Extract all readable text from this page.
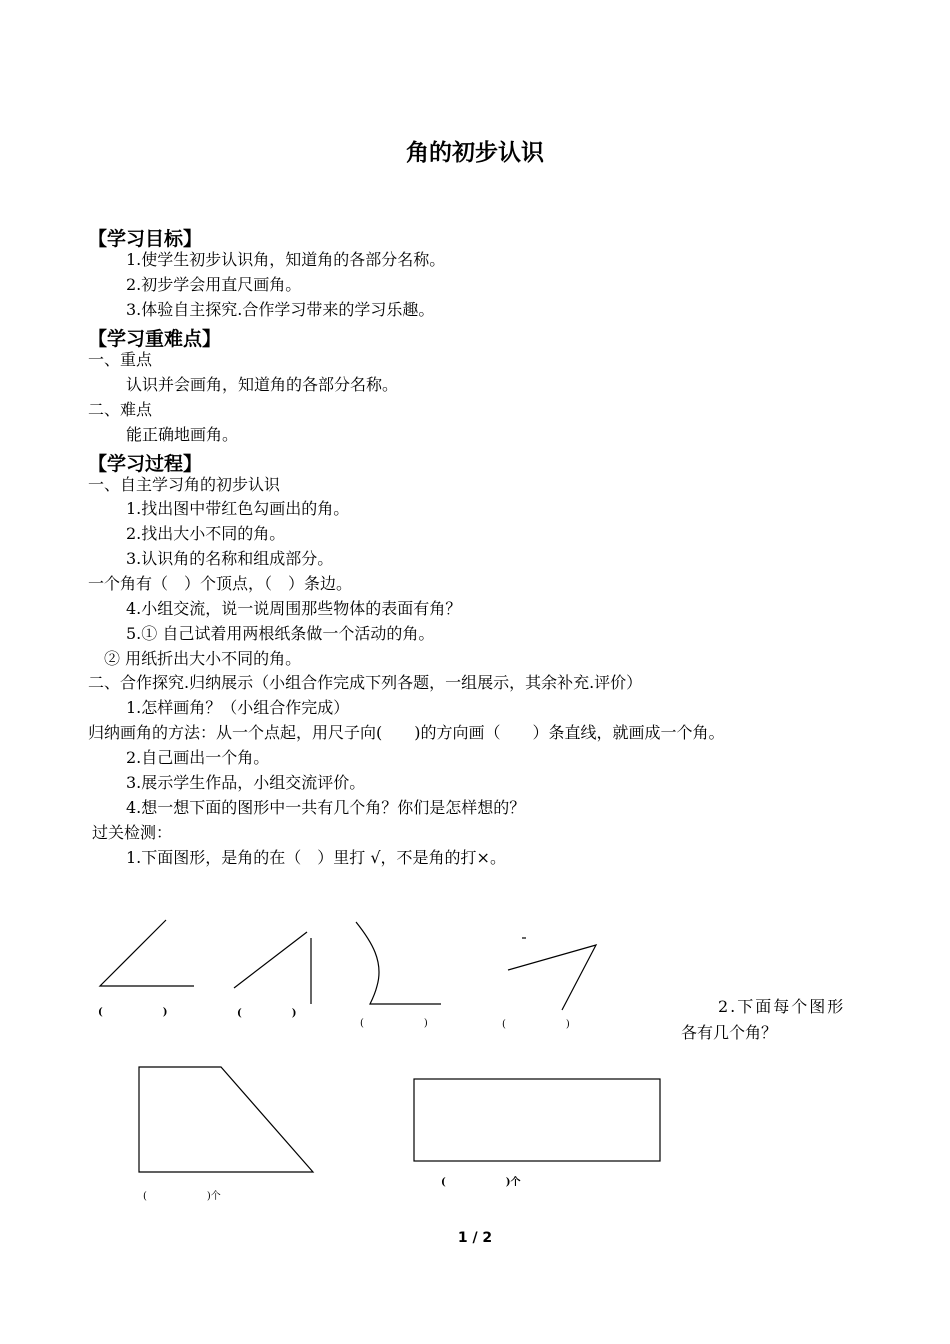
角的初步认识
【学习目标】
1.使学生初步认识角，知道角的各部分名称。
2.初步学会用直尺画角。
3.体验自主探究.合作学习带来的学习乐趣。
【学习重难点】
一、重点
认识并会画角，知道角的各部分名称。
二、难点
能正确地画角。
【学习过程】
一、自主学习角的初步认识
1.找出图中带红色勾画出的角。
2.找出大小不同的角。
3.认识角的名称和组成部分。
一个角有（　）个顶点，（　）条边。
4.小组交流，说一说周围那些物体的表面有角？
5.① 自己试着用两根纸条做一个活动的角。
② 用纸折出大小不同的角。
二、合作探究.归纳展示（小组合作完成下列各题，一组展示，其余补充.评价）
1.怎样画角？（小组合作完成）
归纳画角的方法：从一个点起，用尺子向(　　)的方向画（　　）条直线，就画成一个角。
2.自己画出一个角。
3.展示学生作品，小组交流评价。
4.想一想下面的图形中一共有几个角？你们是怎样想的？
过关检测：
1.下面图形，是角的在（　）里打 √，不是角的打×。
2.下面每个图形
各有几个角？
(　　　　　　)	(　　　　　)
(　　　　　　)	(　　　　　　)
(　　　　　　)个
(　　　　　　)个
1 / 2
